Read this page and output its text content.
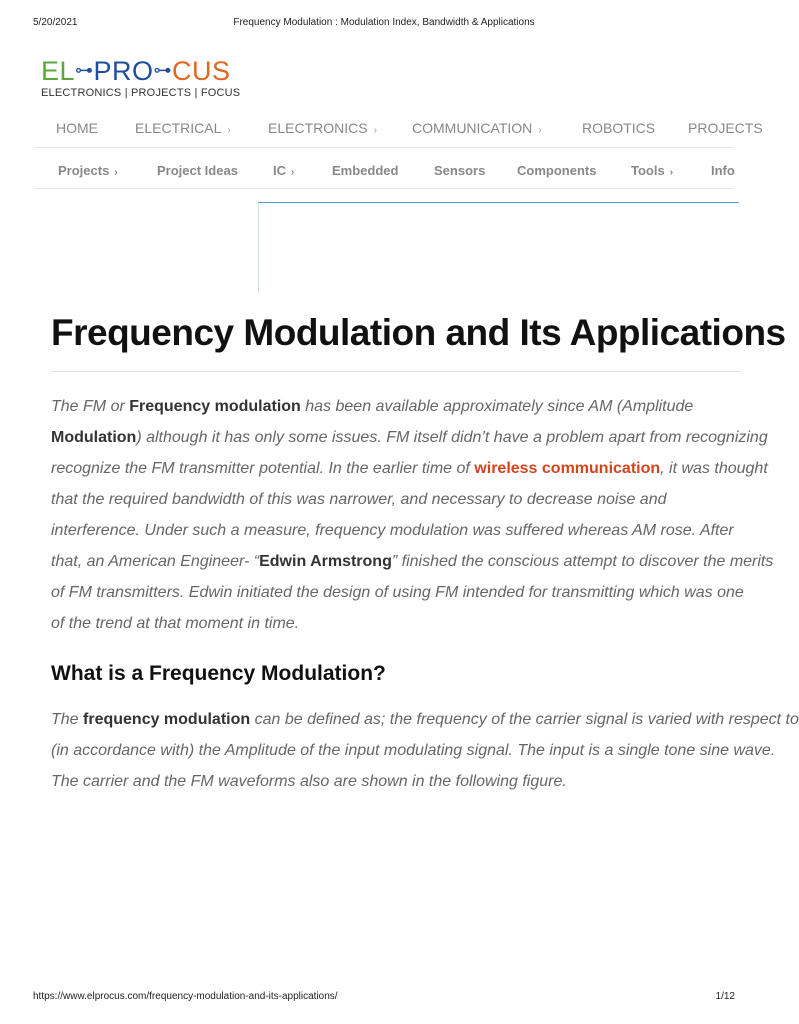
5/20/2021	Frequency Modulation : Modulation Index, Bandwidth & Applications
EL⊶PRO⊶CUS
ELECTRONICS | PROJECTS | FOCUS
HOME	ELECTRICAL ›	ELECTRONICS ›	COMMUNICATION ›	ROBOTICS PROJECTS
Projects ›	Project Ideas	IC ›	Embedded	Sensors Components	Tools ›	Info
Frequency Modulation and Its Applications
The FM or Frequency modulation has been available approximately since AM (Amplitude
Modulation) although it has only some issues. FM itself didn’t have a problem apart from recognizing
recognize the FM transmitter potential. In the earlier time of wireless communication, it was thought
that the required bandwidth of this was narrower, and necessary to decrease noise and
interference. Under such a measure, frequency modulation was suffered whereas AM rose. After
that, an American Engineer- “Edwin Armstrong” finished the conscious attempt to discover the merits
of FM transmitters. Edwin initiated the design of using FM intended for transmitting which was one
of the trend at that moment in time.
What is a Frequency Modulation?
The frequency modulation can be defined as; the frequency of the carrier signal is varied with respect to
(in accordance with) the Amplitude of the input modulating signal. The input is a single tone sine wave.
The carrier and the FM waveforms also are shown in the following figure.
https://www.elprocus.com/frequency-modulation-and-its-applications/	1/12
